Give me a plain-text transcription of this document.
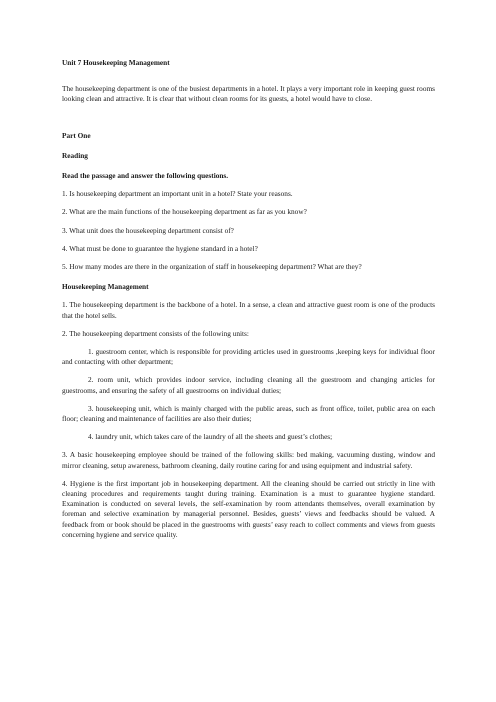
Unit 7 Housekeeping Management

The housekeeping department is one of the busiest departments in a hotel. It plays a very important role in keeping guest rooms looking clean and attractive. It is clear that without clean rooms for its guests, a hotel would have to close.

Part One

Reading

Read the passage and answer the following questions.

1. Is housekeeping department an important unit in a hotel? State your reasons.

2. What are the main functions of the housekeeping department as far as you know?

3. What unit does the housekeeping department consist of?

4. What must be done to guarantee the hygiene standard in a hotel?

5. How many modes are there in the organization of staff in housekeeping department? What are they?

Housekeeping Management

1. The housekeeping department is the backbone of a hotel. In a sense, a clean and attractive guest room is one of the products that the hotel sells.

2. The housekeeping department consists of the following units:

1. guestroom center, which is responsible for providing articles used in guestrooms ,keeping keys for individual floor and contacting with other department;

2. room unit, which provides indoor service, including cleaning all the guestroom and changing articles for guestrooms, and ensuring the safety of all guestrooms on individual duties;

3. housekeeping unit, which is mainly charged with the public areas, such as front office, toilet, public area on each floor; cleaning and maintenance of facilities are also their duties;

4. laundry unit, which takes care of the laundry of all the sheets and guest’s clothes;

3. A basic housekeeping employee should be trained of the following skills: bed making, vacuuming dusting, window and mirror cleaning, setup awareness, bathroom cleaning, daily routine caring for and using equipment and industrial safety.

4. Hygiene is the first important job in housekeeping department. All the cleaning should be carried out strictly in line with cleaning procedures and requirements taught during training. Examination is a must to guarantee hygiene standard. Examination is conducted on several levels, the self-examination by room attendants themselves, overall examination by foreman and selective examination by managerial personnel. Besides, guests’ views and feedbacks should be valued. A feedback from or book should be placed in the guestrooms with guests’ easy reach to collect comments and views from guests concerning hygiene and service quality.
